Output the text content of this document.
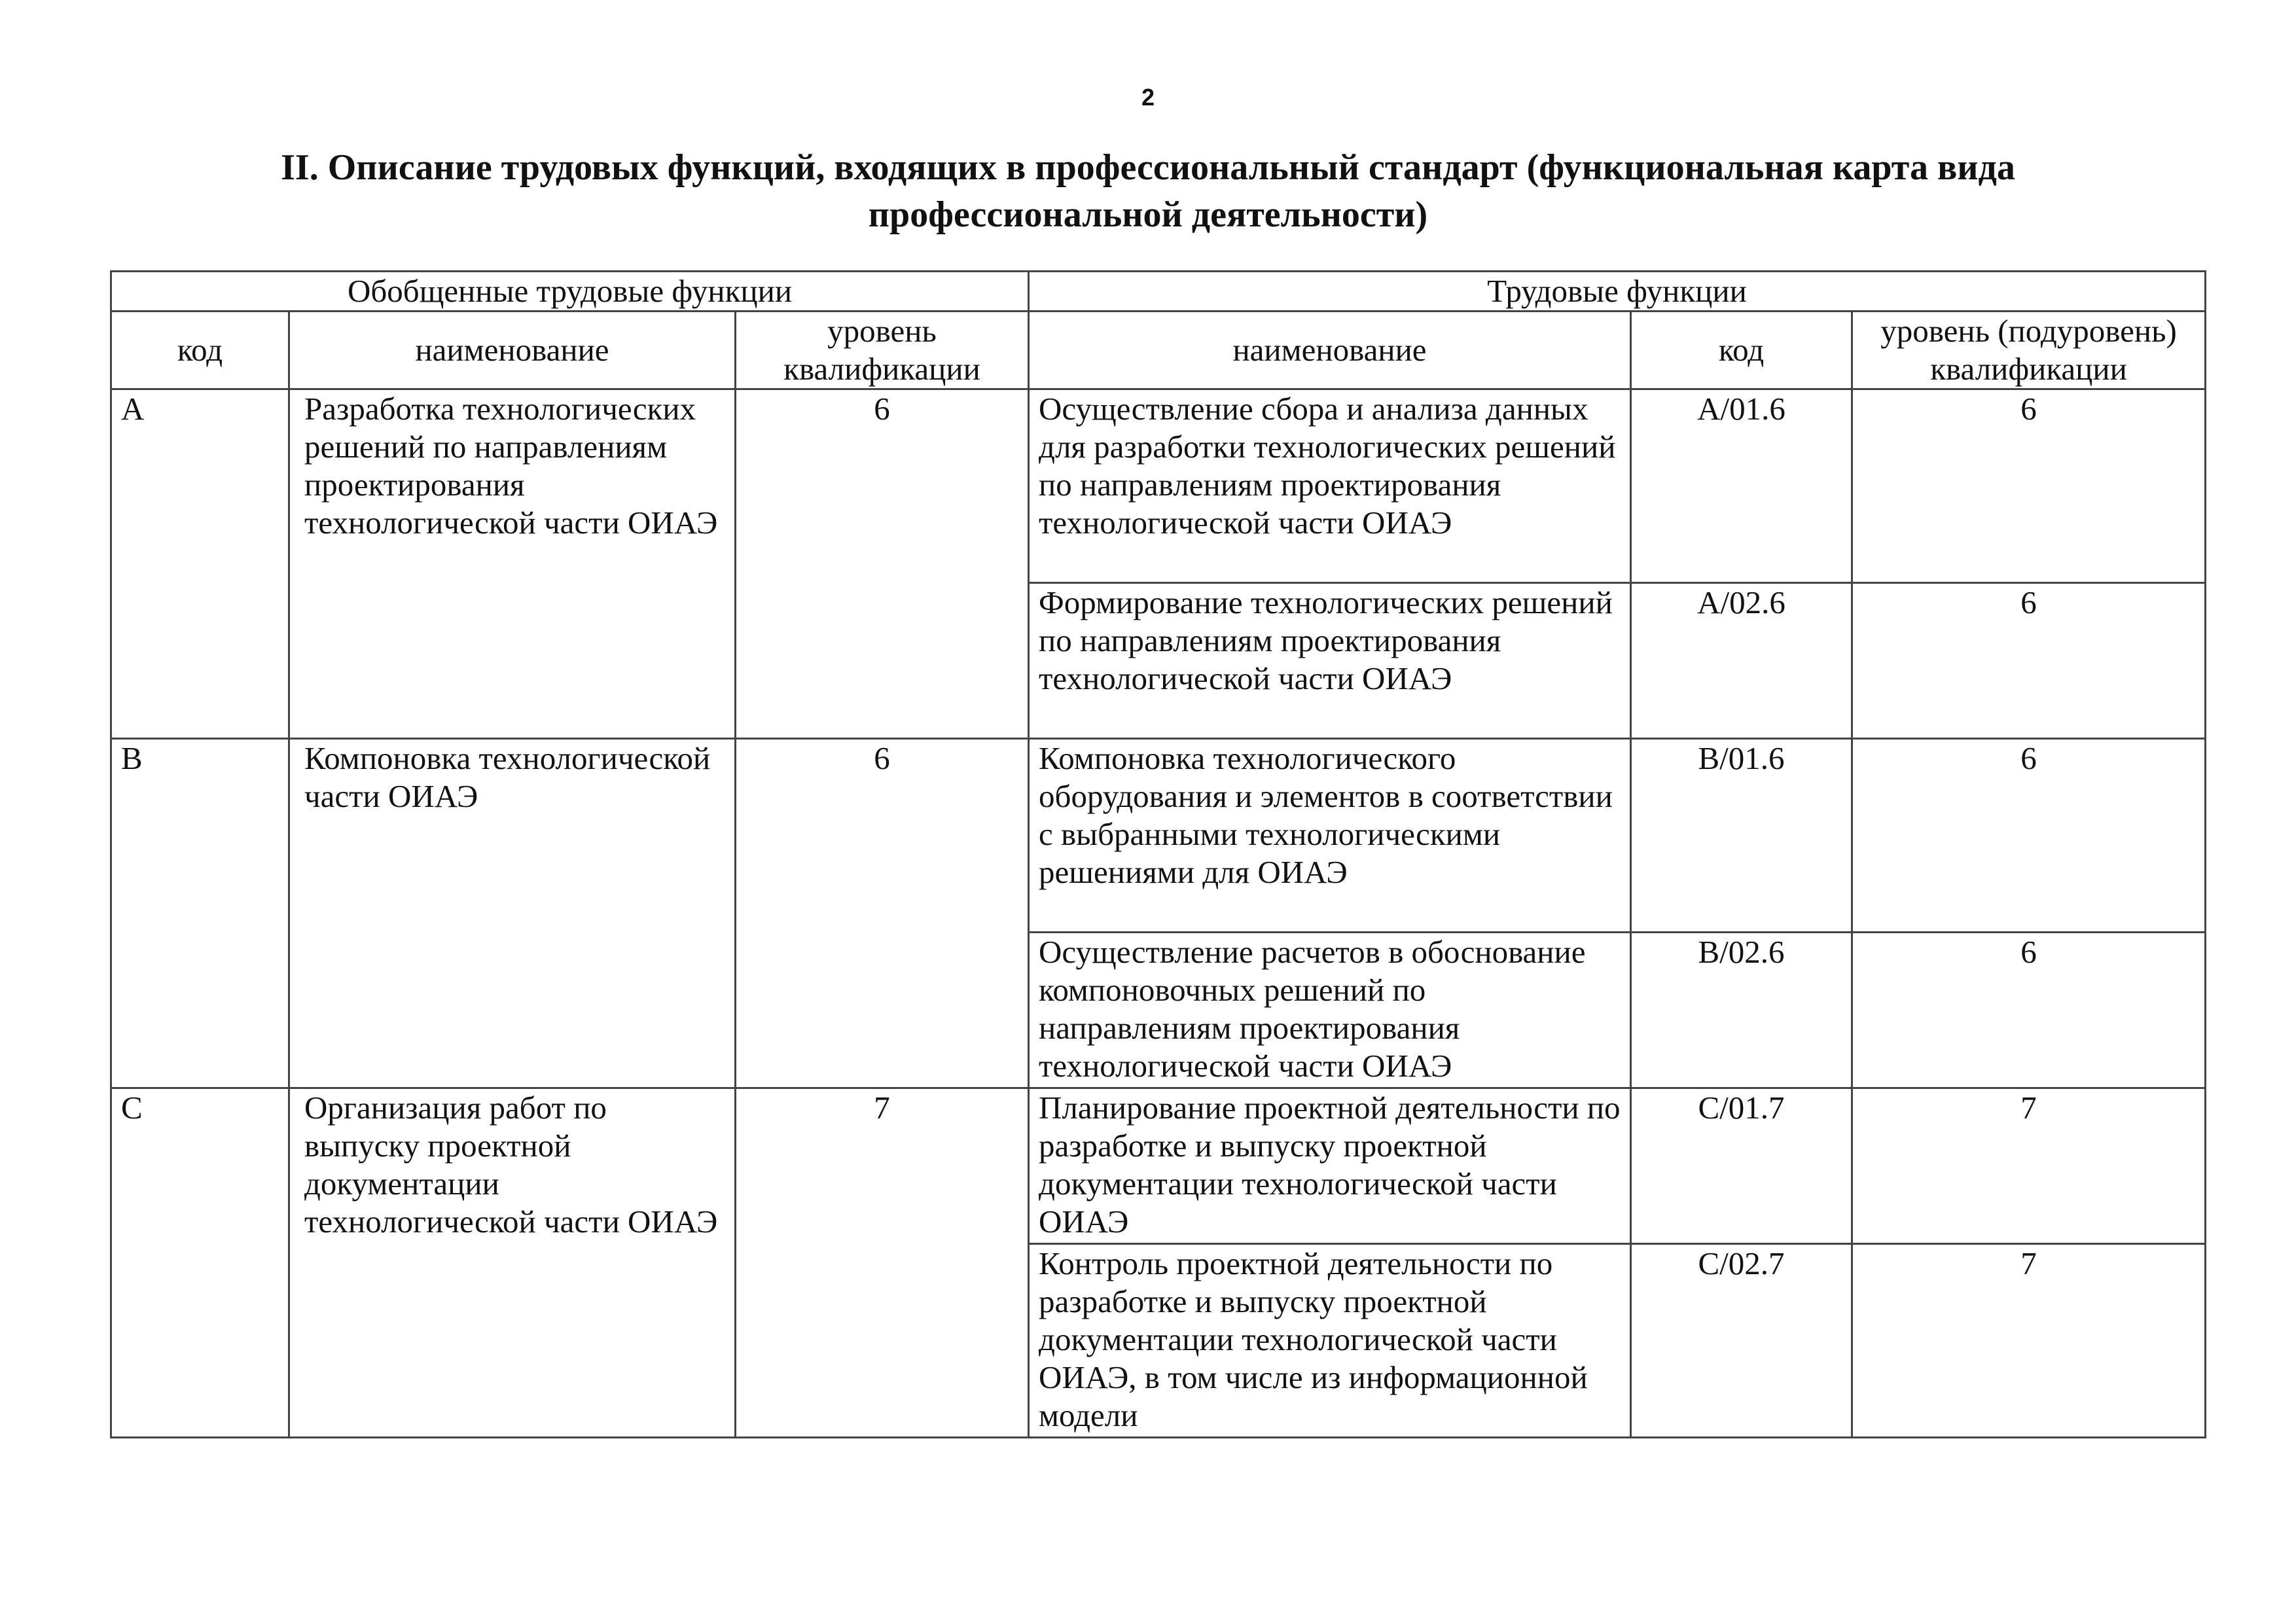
2
II. Описание трудовых функций, входящих в профессиональный стандарт (функциональная карта вида профессиональной деятельности)
Обобщенные трудовые функции			Трудовые функции		
код	наименование	уровень квалификации	наименование	код	уровень (подуровень) квалификации
A	Разработка технологических решений по направлениям проектирования технологической части ОИАЭ	6	Осуществление сбора и анализа данных для разработки технологических решений по направлениям проектирования технологической части ОИАЭ	A/01.6	6
			Формирование технологических решений по направлениям проектирования технологической части ОИАЭ	A/02.6	6
B	Компоновка технологической части ОИАЭ	6	Компоновка технологического оборудования и элементов в соответствии с выбранными технологическими решениями для ОИАЭ	B/01.6	6
			Осуществление расчетов в обоснование компоновочных решений по направлениям проектирования технологической части ОИАЭ	B/02.6	6
C	Организация работ по выпуску проектной документации технологической части ОИАЭ	7	Планирование проектной деятельности по разработке и выпуску проектной документации технологической части ОИАЭ	C/01.7	7
			Контроль проектной деятельности по разработке и выпуску проектной документации технологической части ОИАЭ, в том числе из информационной модели	C/02.7	7
